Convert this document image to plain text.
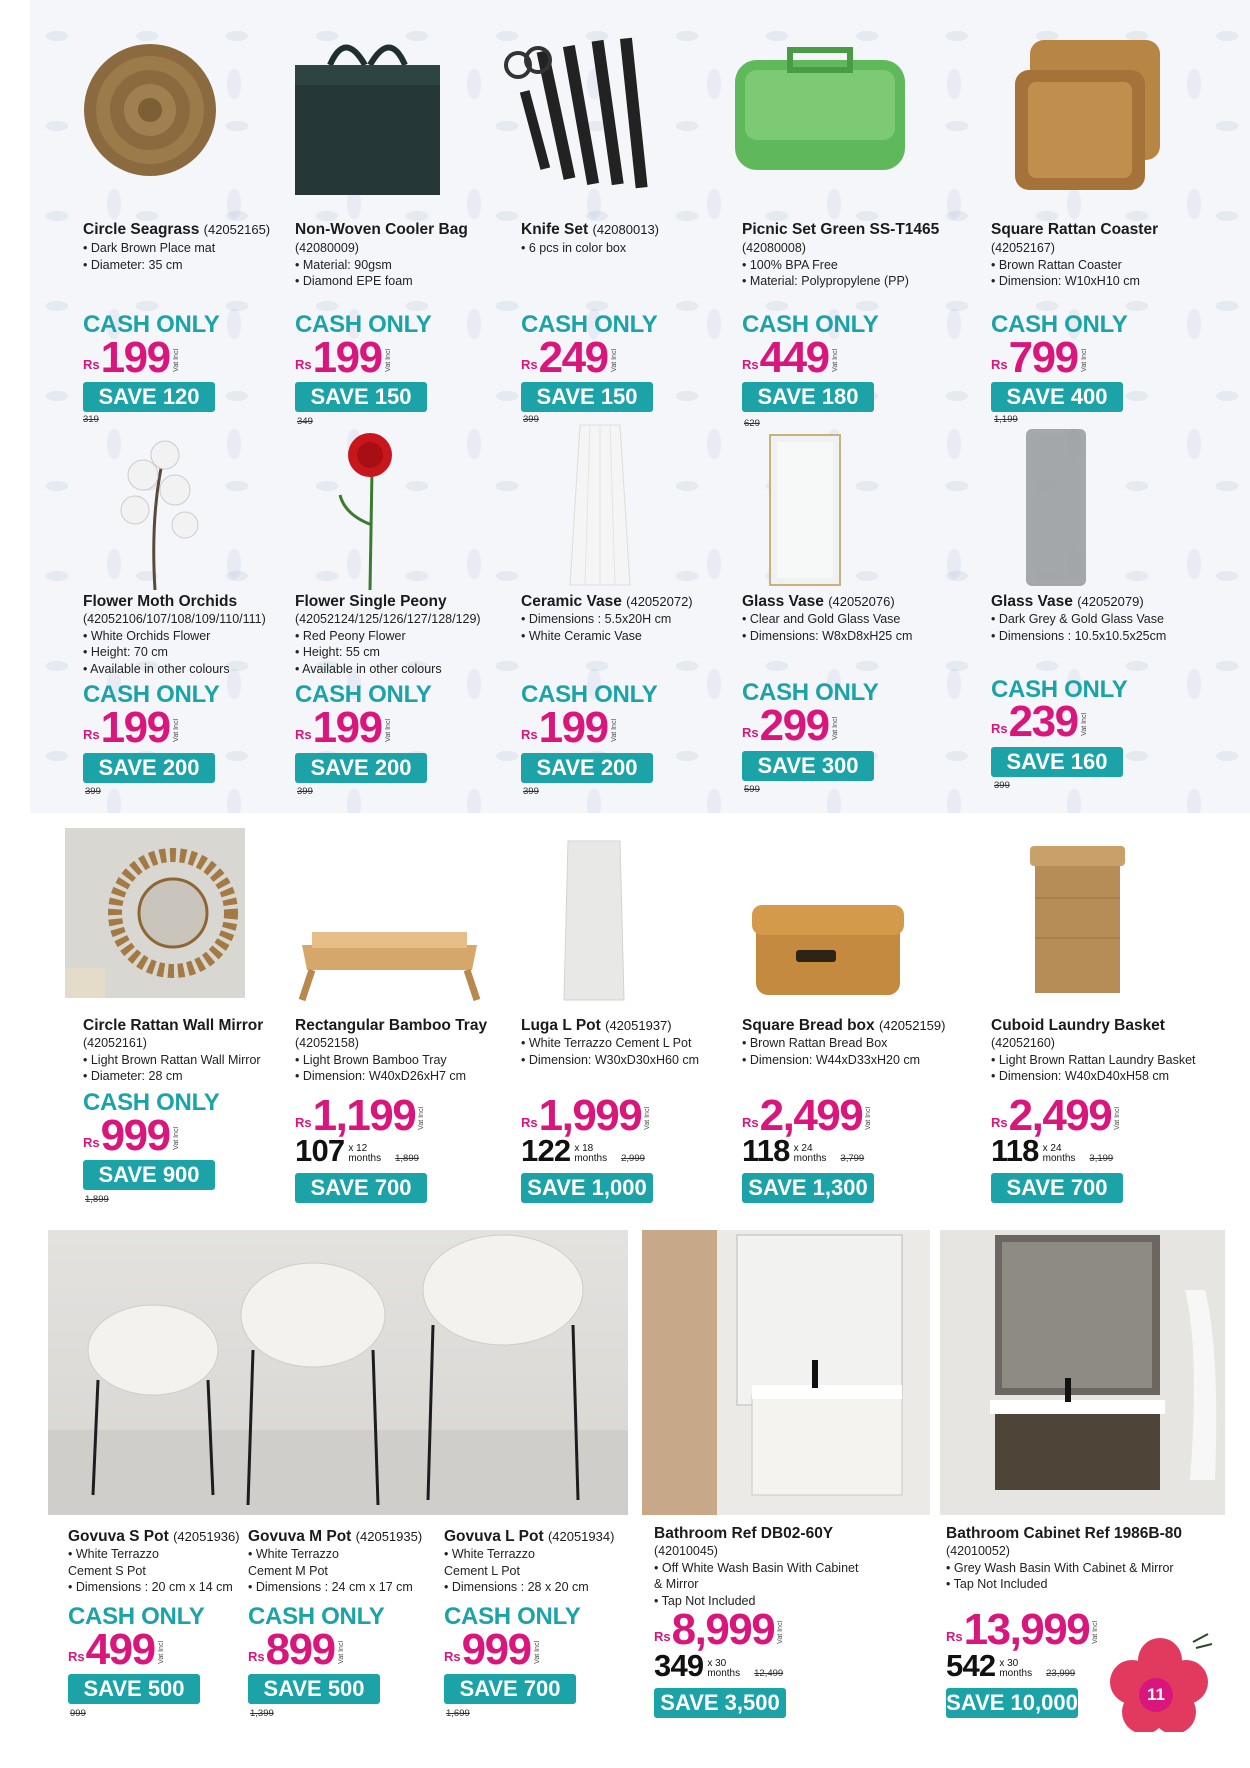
Circle Seagrass (42052165)
• Dark Brown Place mat
• Diameter: 35 cm
CASH ONLY
Rs 199 Vat Incl
SAVE 120
319
Non-Woven Cooler Bag
(42080009)
• Material: 90gsm
• Diamond EPE foam
CASH ONLY
Rs 199 Vat Incl
SAVE 150
349
Knife Set (42080013)
• 6 pcs in color box
CASH ONLY
Rs 249 Vat Incl
SAVE 150
399
Picnic Set Green SS-T1465
(42080008)
• 100% BPA Free
• Material: Polypropylene (PP)
CASH ONLY
Rs 449 Vat Incl
SAVE 180
629
Square Rattan Coaster
(42052167)
• Brown Rattan Coaster
• Dimension: W10xH10 cm
CASH ONLY
Rs 799 Vat Incl
SAVE 400
1,199
Flower Moth Orchids
(42052106/107/108/109/110/111)
• White Orchids Flower
• Height: 70 cm
• Available in other colours
CASH ONLY
Rs 199 Vat Incl
SAVE 200
399
Flower Single Peony
(42052124/125/126/127/128/129)
• Red Peony Flower
• Height: 55 cm
• Available in other colours
CASH ONLY
Rs 199 Vat Incl
SAVE 200
399
Ceramic Vase (42052072)
• Dimensions : 5.5x20H cm
• White Ceramic Vase
CASH ONLY
Rs 199 Vat Incl
SAVE 200
399
Glass Vase (42052076)
• Clear and Gold Glass Vase
• Dimensions: W8xD8xH25 cm
CASH ONLY
Rs 299 Vat Incl
SAVE 300
599
Glass Vase (42052079)
• Dark Grey & Gold Glass Vase
• Dimensions : 10.5x10.5x25cm
CASH ONLY
Rs 239 Vat Incl
SAVE 160
399
Circle Rattan Wall Mirror
(42052161)
• Light Brown Rattan Wall Mirror
• Diameter: 28 cm
CASH ONLY
Rs 999 Vat Incl
SAVE 900
1,899
Rectangular Bamboo Tray
(42052158)
• Light Brown Bamboo Tray
• Dimension: W40xD26xH7 cm
Rs 1,199 Vat Incl
107 x 12
months 1,899
SAVE 700
Luga L Pot (42051937)
• White Terrazzo Cement L Pot
• Dimension: W30xD30xH60 cm
Rs 1,999 Vat Incl
122 x 18
months 2,999
SAVE 1,000
Square Bread box (42052159)
• Brown Rattan Bread Box
• Dimension: W44xD33xH20 cm
Rs 2,499 Vat Incl
118 x 24
months 3,799
SAVE 1,300
Cuboid Laundry Basket
(42052160)
• Light Brown Rattan Laundry Basket
• Dimension: W40xD40xH58 cm
Rs 2,499 Vat Incl
118 x 24
months 3,199
SAVE 700
Govuva S Pot (42051936)
• White Terrazzo
Cement S Pot
• Dimensions : 20 cm x 14 cm
CASH ONLY
Rs 499 Vat Incl
SAVE 500
999
Govuva M Pot (42051935)
• White Terrazzo
Cement M Pot
• Dimensions : 24 cm x 17 cm
CASH ONLY
Rs 899 Vat Incl
SAVE 500
1,399
Govuva L Pot (42051934)
• White Terrazzo
Cement L Pot
• Dimensions : 28 x 20 cm
CASH ONLY
Rs 999 Vat Incl
SAVE 700
1,699
Bathroom Ref DB02-60Y
(42010045)
• Off White Wash Basin With Cabinet
& Mirror
• Tap Not Included
Rs 8,999 Vat Incl
349 x 30
months 12,499
SAVE 3,500
Bathroom Cabinet Ref 1986B-80
(42010052)
• Grey Wash Basin With Cabinet & Mirror
• Tap Not Included
Rs 13,999 Vat Incl
542 x 30
months 23,999
SAVE 10,000	11
